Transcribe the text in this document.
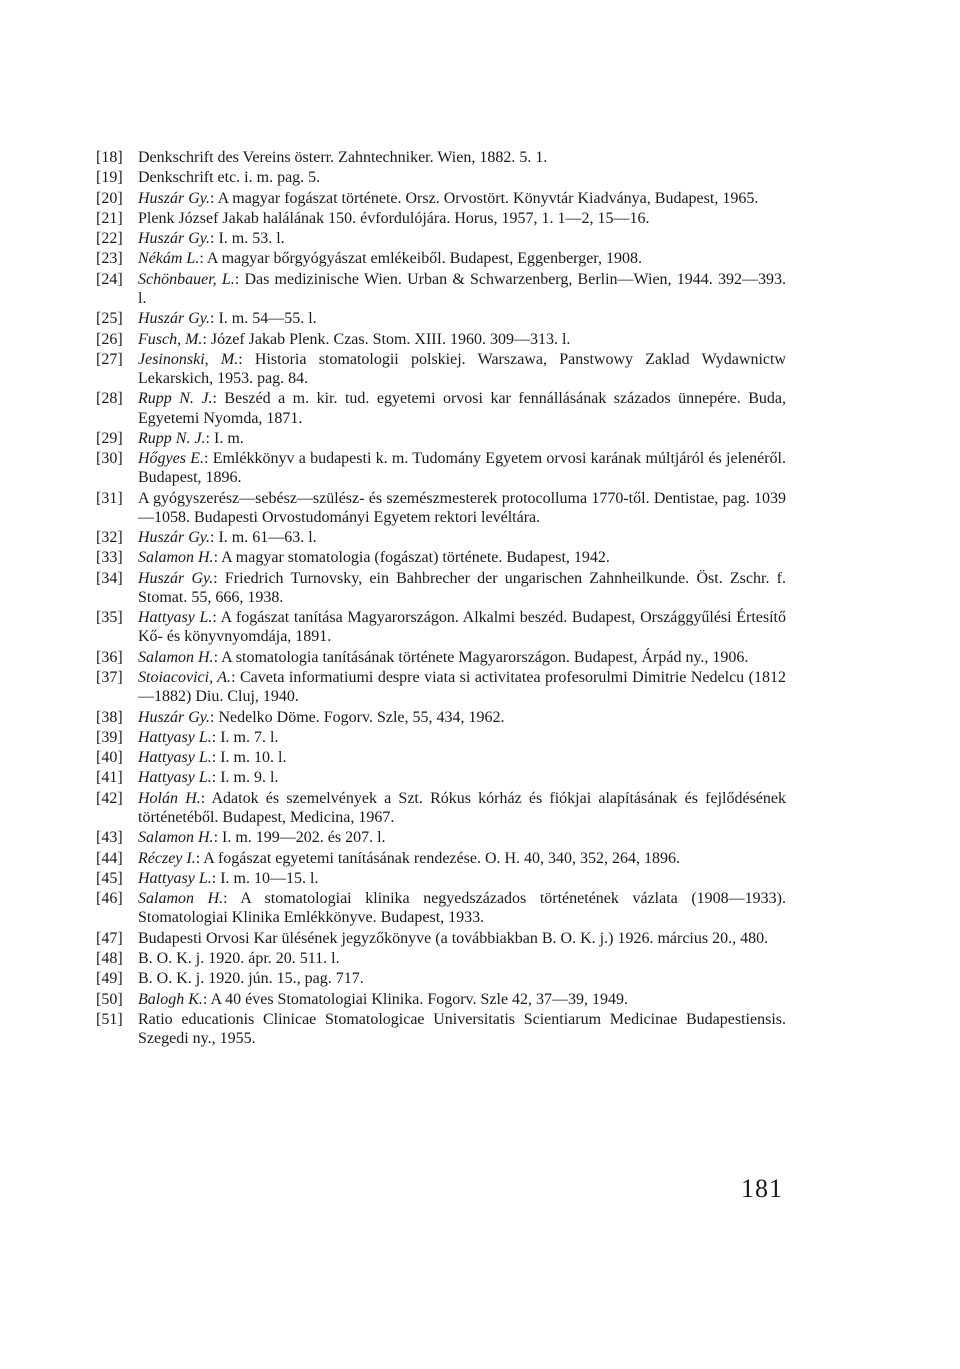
[18] Denkschrift des Vereins österr. Zahntechniker. Wien, 1882. 5. 1.
[19] Denkschrift etc. i. m. pag. 5.
[20] Huszár Gy.: A magyar fogászat története. Orsz. Orvostört. Könyvtár Kiadványa, Budapest, 1965.
[21] Plenk József Jakab halálának 150. évfordulójára. Horus, 1957, 1. 1—2, 15—16.
[22] Huszár Gy.: I. m. 53. l.
[23] Nékám L.: A magyar bőrgyógyászat emlékeiből. Budapest, Eggenberger, 1908.
[24] Schönbauer, L.: Das medizinische Wien. Urban & Schwarzenberg, Berlin—Wien, 1944. 392—393. l.
[25] Huszár Gy.: I. m. 54—55. l.
[26] Fusch, M.: Józef Jakab Plenk. Czas. Stom. XIII. 1960. 309—313. l.
[27] Jesinonski, M.: Historia stomatologii polskiej. Warszawa, Panstwowy Zaklad Wydawnictw Lekarskich, 1953. pag. 84.
[28] Rupp N. J.: Beszéd a m. kir. tud. egyetemi orvosi kar fennállásának százados ünnepére. Buda, Egyetemi Nyomda, 1871.
[29] Rupp N. J.: I. m.
[30] Hőgyes E.: Emlékkönyv a budapesti k. m. Tudomány Egyetem orvosi karának múltjáról és jelenéről. Budapest, 1896.
[31] A gyógyszerész—sebész—szülész- és szemészmesterek protocolluma 1770-től. Dentistae, pag. 1039—1058. Budapesti Orvostudományi Egyetem rektori levéltára.
[32] Huszár Gy.: I. m. 61—63. l.
[33] Salamon H.: A magyar stomatologia (fogászat) története. Budapest, 1942.
[34] Huszár Gy.: Friedrich Turnovsky, ein Bahbrecher der ungarischen Zahnheilkunde. Öst. Zschr. f. Stomat. 55, 666, 1938.
[35] Hattyasy L.: A fogászat tanítása Magyarországon. Alkalmi beszéd. Budapest, Országgyűlési Értesítő Kő- és könyvnyomdája, 1891.
[36] Salamon H.: A stomatologia tanításának története Magyarországon. Budapest, Árpád ny., 1906.
[37] Stoiacovici, A.: Caveta informatiumi despre viata si activitatea profesorulmi Dimitrie Nedelcu (1812—1882) Diu. Cluj, 1940.
[38] Huszár Gy.: Nedelko Döme. Fogorv. Szle, 55, 434, 1962.
[39] Hattyasy L.: I. m. 7. l.
[40] Hattyasy L.: I. m. 10. l.
[41] Hattyasy L.: I. m. 9. l.
[42] Holán H.: Adatok és szemelvények a Szt. Rókus kórház és fiókjai alapításának és fejlődésének történetéből. Budapest, Medicina, 1967.
[43] Salamon H.: I. m. 199—202. és 207. l.
[44] Réczey I.: A fogászat egyetemi tanításának rendezése. O. H. 40, 340, 352, 264, 1896.
[45] Hattyasy L.: I. m. 10—15. l.
[46] Salamon H.: A stomatologiai klinika negyedszázados történetének vázlata (1908—1933). Stomatologiai Klinika Emlékkönyve. Budapest, 1933.
[47] Budapesti Orvosi Kar ülésének jegyzőkönyve (a továbbiakban B. O. K. j.) 1926. március 20., 480.
[48] B. O. K. j. 1920. ápr. 20. 511. l.
[49] B. O. K. j. 1920. jún. 15., pag. 717.
[50] Balogh K.: A 40 éves Stomatologiai Klinika. Fogorv. Szle 42, 37—39, 1949.
[51] Ratio educationis Clinicae Stomatologicae Universitatis Scientiarum Medicinae Budapestiensis. Szegedi ny., 1955.
181
